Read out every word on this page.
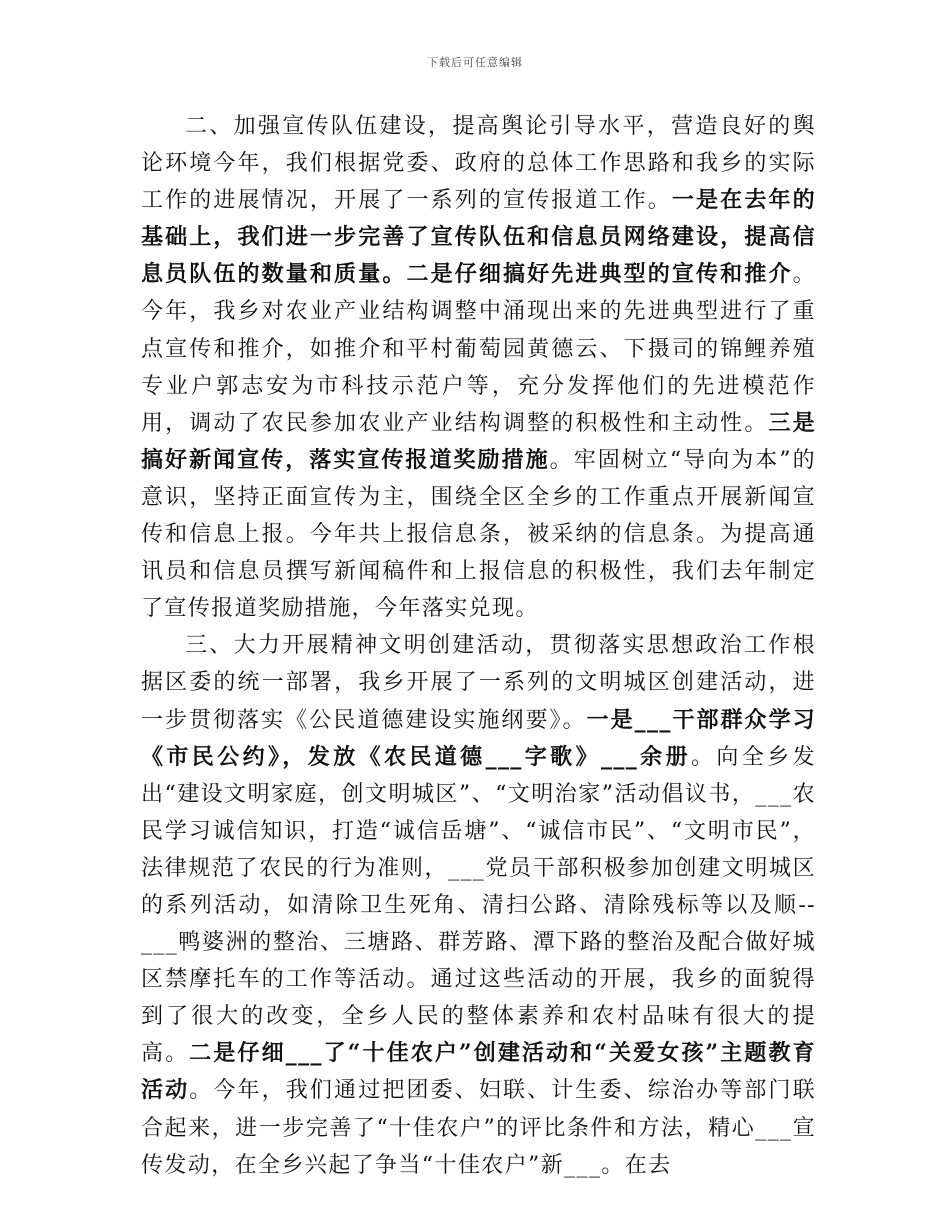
下载后可任意编辑

二、加强宣传队伍建设，提高舆论引导水平，营造良好的舆论环境今年，我们根据党委、政府的总体工作思路和我乡的实际工作的进展情况，开展了一系列的宣传报道工作。一是在去年的基础上，我们进一步完善了宣传队伍和信息员网络建设，提高信息员队伍的数量和质量。二是仔细搞好先进典型的宣传和推介。今年，我乡对农业产业结构调整中涌现出来的先进典型进行了重点宣传和推介，如推介和平村葡萄园黄德云、下摄司的锦鲤养殖专业户郭志安为市科技示范户等，充分发挥他们的先进模范作用，调动了农民参加农业产业结构调整的积极性和主动性。三是搞好新闻宣传，落实宣传报道奖励措施。牢固树立“导向为本”的意识，坚持正面宣传为主，围绕全区全乡的工作重点开展新闻宣传和信息上报。今年共上报信息条，被采纳的信息条。为提高通讯员和信息员撰写新闻稿件和上报信息的积极性，我们去年制定了宣传报道奖励措施，今年落实兑现。

三、大力开展精神文明创建活动，贯彻落实思想政治工作根据区委的统一部署，我乡开展了一系列的文明城区创建活动，进一步贯彻落实《公民道德建设实施纲要》。一是___干部群众学习《市民公约》，发放《农民道德___字歌》___余册。向全乡发出“建设文明家庭，创文明城区”、“文明治家”活动倡议书，___农民学习诚信知识，打造“诚信岳塘”、“诚信市民”、“文明市民”，法律规范了农民的行为准则，___党员干部积极参加创建文明城区的系列活动，如清除卫生死角、清扫公路、清除残标等以及顺--___鸭婆洲的整治、三塘路、群芳路、潭下路的整治及配合做好城区禁摩托车的工作等活动。通过这些活动的开展，我乡的面貌得到了很大的改变，全乡人民的整体素养和农村品味有很大的提高。二是仔细___了“十佳农户”创建活动和“关爱女孩”主题教育活动。今年，我们通过把团委、妇联、计生委、综治办等部门联合起来，进一步完善了“十佳农户”的评比条件和方法，精心___宣传发动，在全乡兴起了争当“十佳农户”新___。在去
